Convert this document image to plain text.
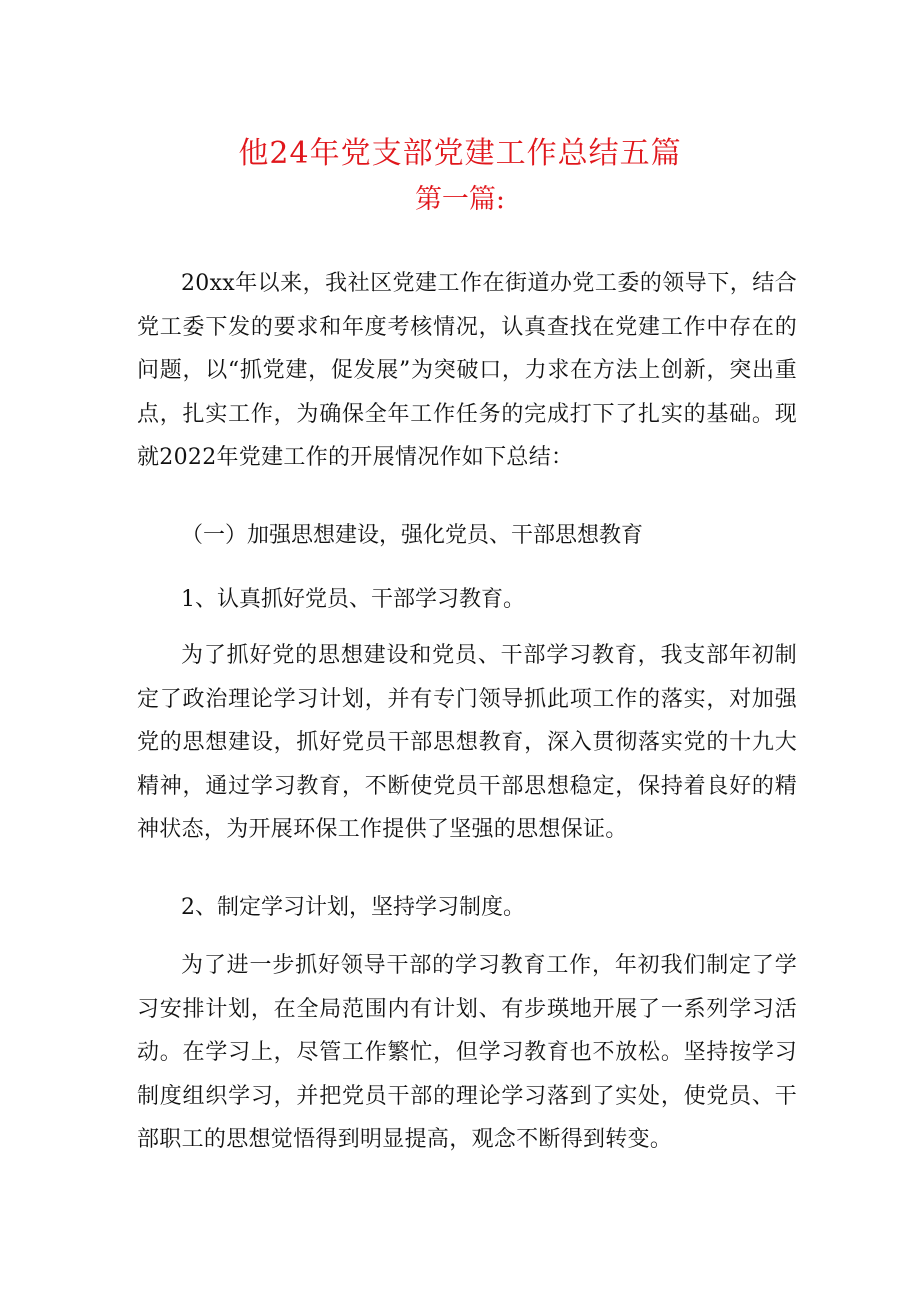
他24年党支部党建工作总结五篇
第一篇:

20xx年以来，我社区党建工作在街道办党工委的领导下，结合党工委下发的要求和年度考核情况，认真查找在党建工作中存在的问题，以“抓党建，促发展”为突破口，力求在方法上创新，突出重点，扎实工作，为确保全年工作任务的完成打下了扎实的基础。现就2022年党建工作的开展情况作如下总结：

（一）加强思想建设，强化党员、干部思想教育

1、认真抓好党员、干部学习教育。

为了抓好党的思想建设和党员、干部学习教育，我支部年初制定了政治理论学习计划，并有专门领导抓此项工作的落实，对加强党的思想建设，抓好党员干部思想教育，深入贯彻落实党的十九大精神，通过学习教育，不断使党员干部思想稳定，保持着良好的精神状态，为开展环保工作提供了坚强的思想保证。

2、制定学习计划，坚持学习制度。

为了进一步抓好领导干部的学习教育工作，年初我们制定了学习安排计划，在全局范围内有计划、有步瑛地开展了一系列学习活动。在学习上，尽管工作繁忙，但学习教育也不放松。坚持按学习制度组织学习，并把党员干部的理论学习落到了实处，使党员、干部职工的思想觉悟得到明显提高，观念不断得到转变。
